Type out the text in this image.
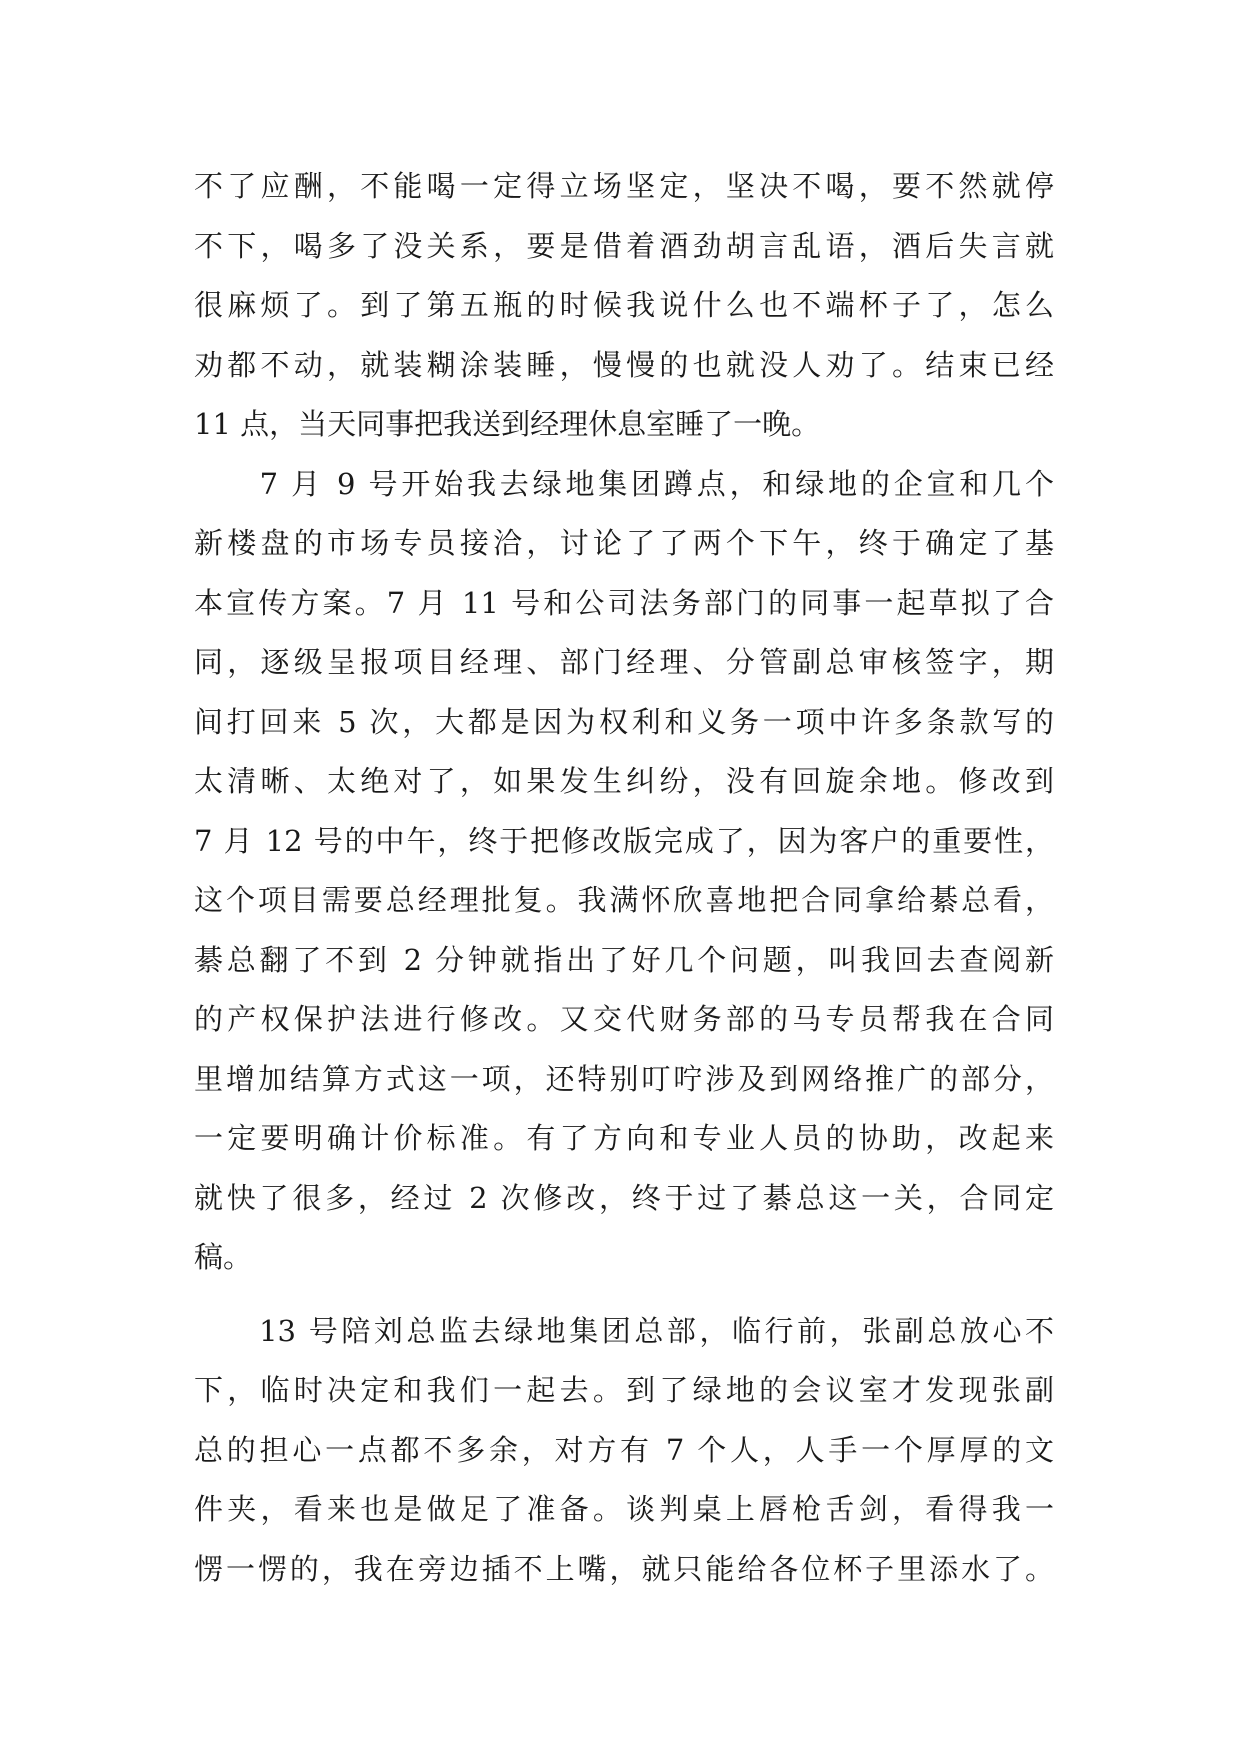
不了应酬，不能喝一定得立场坚定，坚决不喝，要不然就停
不下，喝多了没关系，要是借着酒劲胡言乱语，酒后失言就
很麻烦了。到了第五瓶的时候我说什么也不端杯子了，怎么
劝都不动，就装糊涂装睡，慢慢的也就没人劝了。结束已经
11 点，当天同事把我送到经理休息室睡了一晚。
　　7 月 9 号开始我去绿地集团蹲点，和绿地的企宣和几个
新楼盘的市场专员接洽，讨论了了两个下午，终于确定了基
本宣传方案。7 月 11 号和公司法务部门的同事一起草拟了合
同，逐级呈报项目经理、部门经理、分管副总审核签字，期
间打回来 5 次，大都是因为权利和义务一项中许多条款写的
太清晰、太绝对了，如果发生纠纷，没有回旋余地。修改到
7 月 12 号的中午，终于把修改版完成了，因为客户的重要性，
这个项目需要总经理批复。我满怀欣喜地把合同拿给綦总看，
綦总翻了不到 2 分钟就指出了好几个问题，叫我回去查阅新
的产权保护法进行修改。又交代财务部的马专员帮我在合同
里增加结算方式这一项，还特别叮咛涉及到网络推广的部分，
一定要明确计价标准。有了方向和专业人员的协助，改起来
就快了很多，经过 2 次修改，终于过了綦总这一关，合同定
稿。
　　13 号陪刘总监去绿地集团总部，临行前，张副总放心不
下，临时决定和我们一起去。到了绿地的会议室才发现张副
总的担心一点都不多余，对方有 7 个人，人手一个厚厚的文
件夹，看来也是做足了准备。谈判桌上唇枪舌剑，看得我一
愣一愣的，我在旁边插不上嘴，就只能给各位杯子里添水了。
